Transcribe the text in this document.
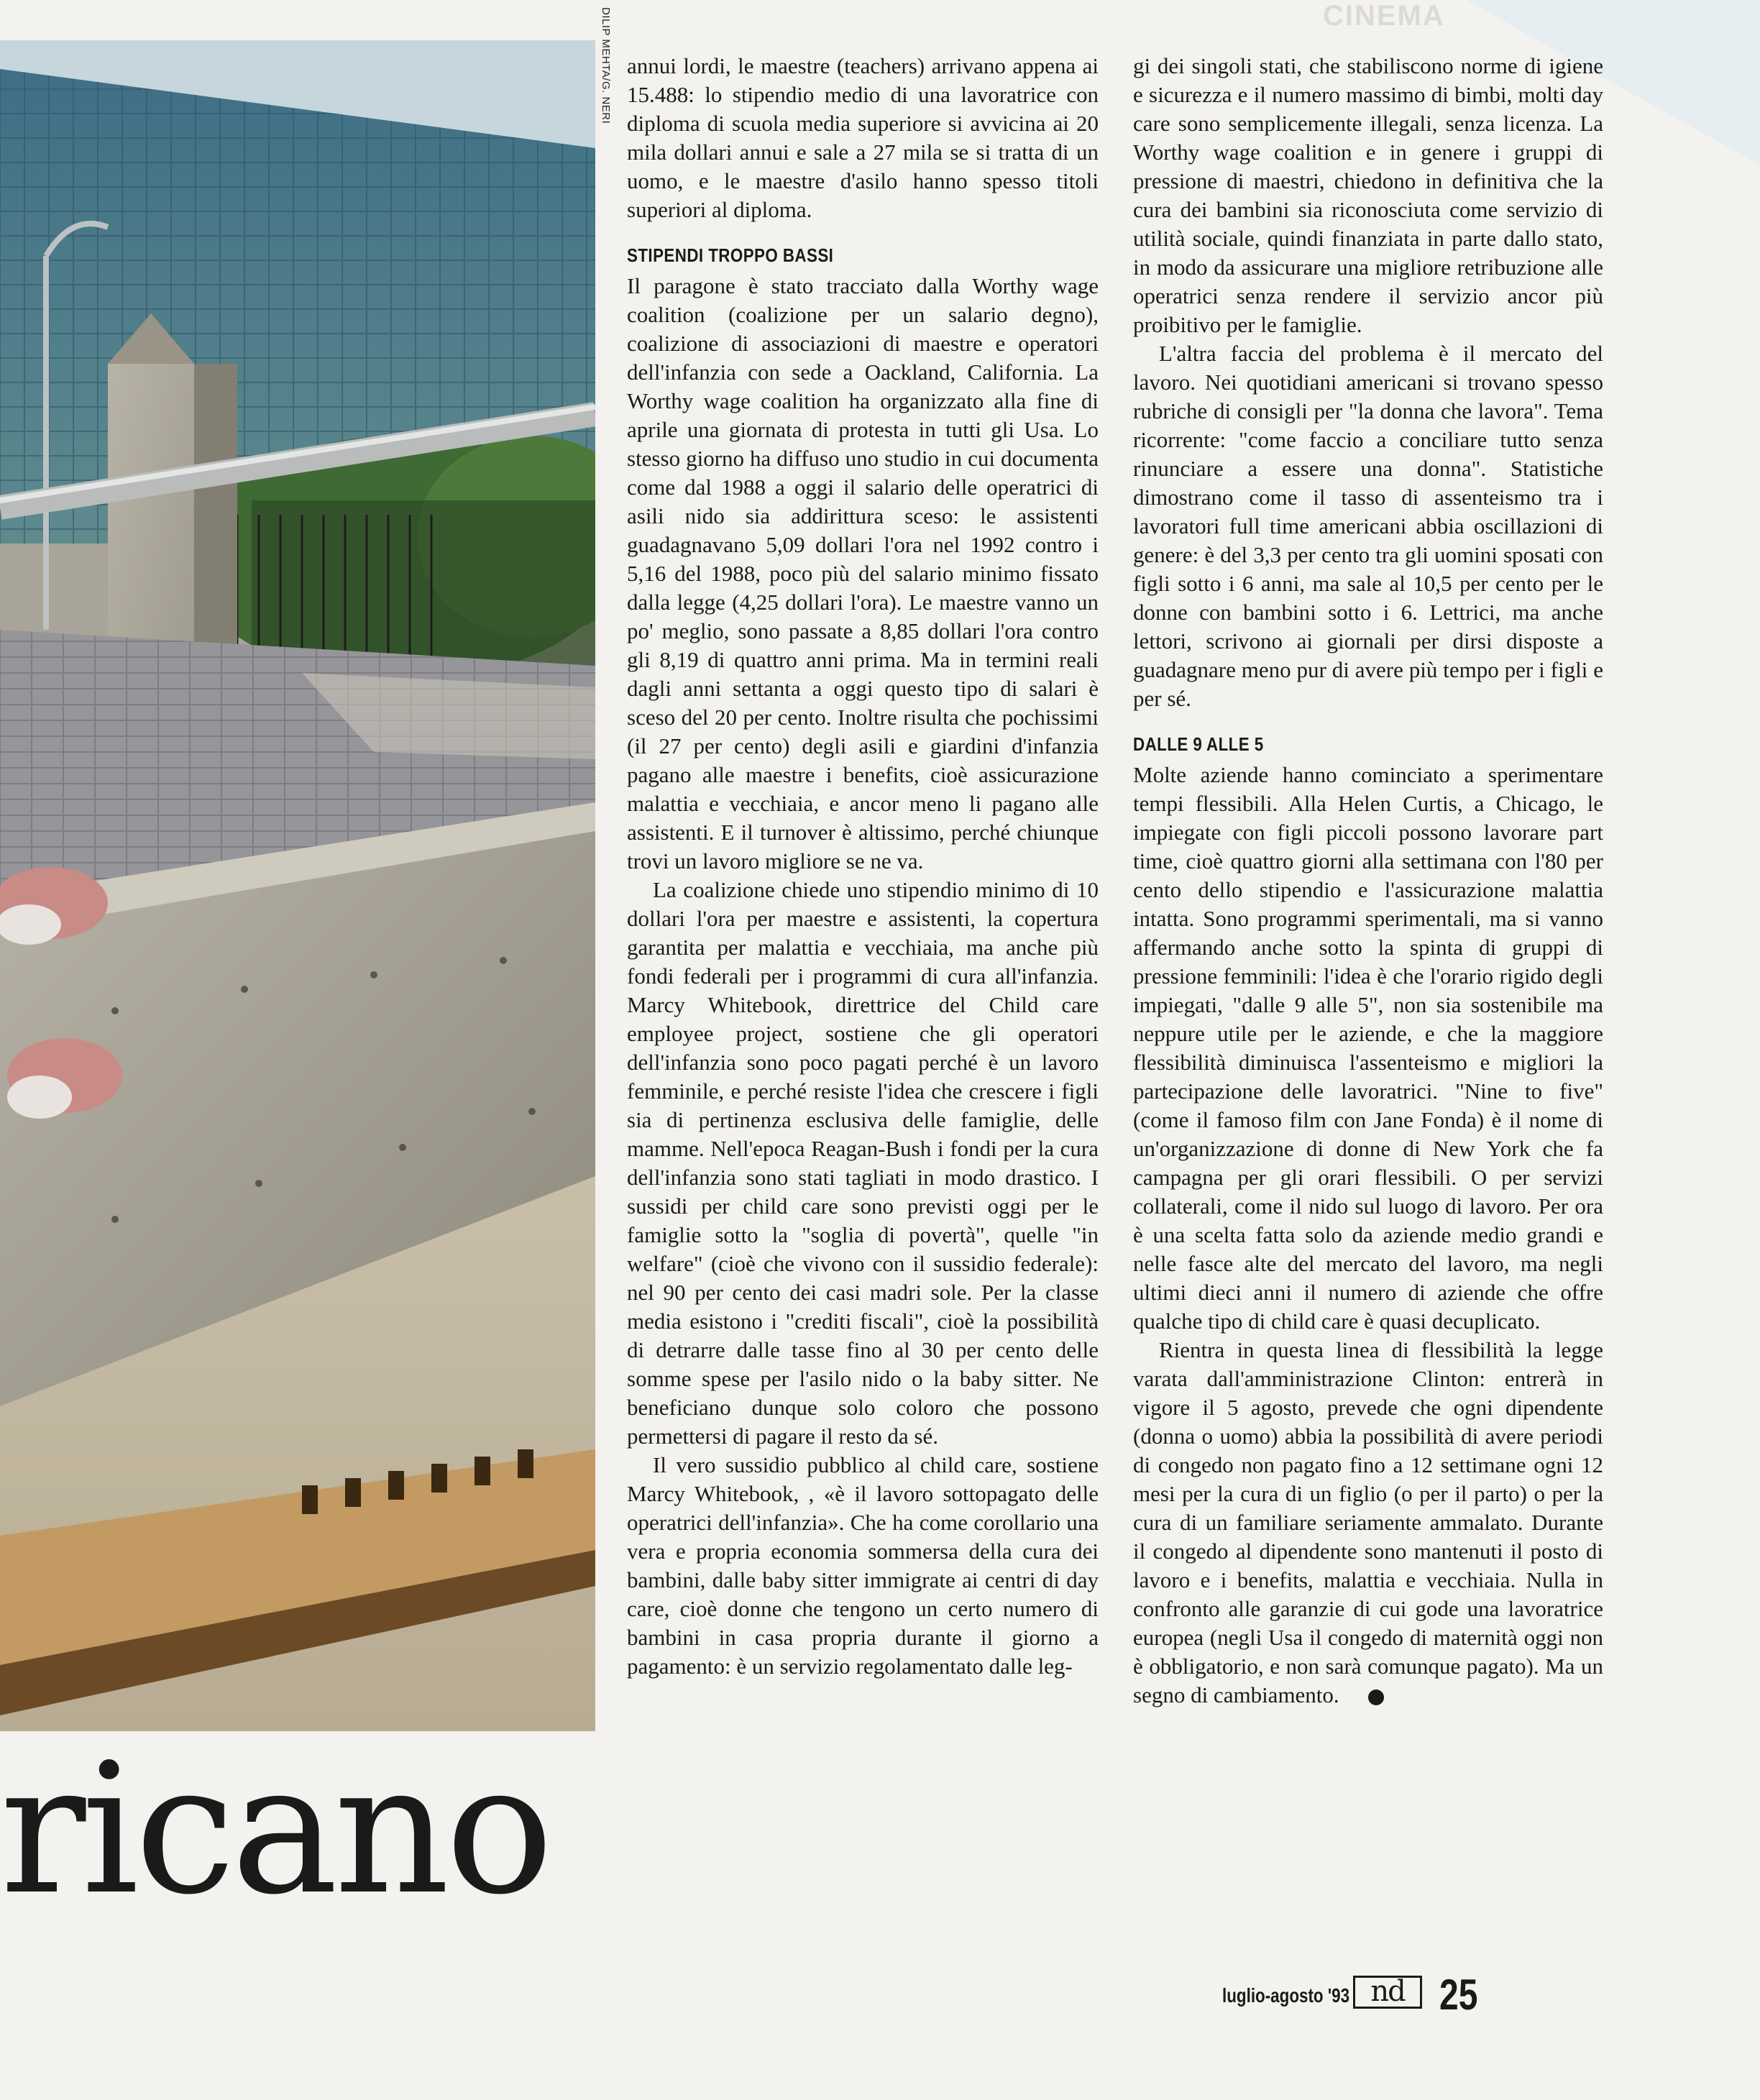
DILIP MEHTA/G. NERI
ricano
CINEMA

annui lordi, le maestre (teachers) arrivano appena ai 15.488: lo stipendio medio di una lavoratrice con diploma di scuola media superiore si avvicina ai 20 mila dollari annui e sale a 27 mila se si tratta di un uomo, e le maestre d'asilo hanno spesso titoli superiori al diploma.

STIPENDI TROPPO BASSI

Il paragone è stato tracciato dalla Worthy wage coalition (coalizione per un salario degno), coalizione di associazioni di maestre e operatori dell'infanzia con sede a Oackland, California. La Worthy wage coalition ha organizzato alla fine di aprile una giornata di protesta in tutti gli Usa. Lo stesso giorno ha diffuso uno studio in cui documenta come dal 1988 a oggi il salario delle operatrici di asili nido sia addirittura sceso: le assistenti guadagnavano 5,09 dollari l'ora nel 1992 contro i 5,16 del 1988, poco più del salario minimo fissato dalla legge (4,25 dollari l'ora). Le maestre vanno un po' meglio, sono passate a 8,85 dollari l'ora contro gli 8,19 di quattro anni prima. Ma in termini reali dagli anni settanta a oggi questo tipo di salari è sceso del 20 per cento. Inoltre risulta che pochissimi (il 27 per cento) degli asili e giardini d'infanzia pagano alle maestre i benefits, cioè assicurazione malattia e vecchiaia, e ancor meno li pagano alle assistenti. E il turnover è altissimo, perché chiunque trovi un lavoro migliore se ne va.

La coalizione chiede uno stipendio minimo di 10 dollari l'ora per maestre e assistenti, la copertura garantita per malattia e vecchiaia, ma anche più fondi federali per i programmi di cura all'infanzia. Marcy Whitebook, direttrice del Child care employee project, sostiene che gli operatori dell'infanzia sono poco pagati perché è un lavoro femminile, e perché resiste l'idea che crescere i figli sia di pertinenza esclusiva delle famiglie, delle mamme. Nell'epoca Reagan-Bush i fondi per la cura dell'infanzia sono stati tagliati in modo drastico. I sussidi per child care sono previsti oggi per le famiglie sotto la "soglia di povertà", quelle "in welfare" (cioè che vivono con il sussidio federale): nel 90 per cento dei casi madri sole. Per la classe media esistono i "crediti fiscali", cioè la possibilità di detrarre dalle tasse fino al 30 per cento delle somme spese per l'asilo nido o la baby sitter. Ne beneficiano dunque solo coloro che possono permettersi di pagare il resto da sé.

Il vero sussidio pubblico al child care, sostiene Marcy Whitebook, , «è il lavoro sottopagato delle operatrici dell'infanzia». Che ha come corollario una vera e propria economia sommersa della cura dei bambini, dalle baby sitter immigrate ai centri di day care, cioè donne che tengono un certo numero di bambini in casa propria durante il giorno a pagamento: è un servizio regolamentato dalle leg-

gi dei singoli stati, che stabiliscono norme di igiene e sicurezza e il numero massimo di bimbi, molti day care sono semplicemente illegali, senza licenza. La Worthy wage coalition e in genere i gruppi di pressione di maestri, chiedono in definitiva che la cura dei bambini sia riconosciuta come servizio di utilità sociale, quindi finanziata in parte dallo stato, in modo da assicurare una migliore retribuzione alle operatrici senza rendere il servizio ancor più proibitivo per le famiglie.

L'altra faccia del problema è il mercato del lavoro. Nei quotidiani americani si trovano spesso rubriche di consigli per "la donna che lavora". Tema ricorrente: "come faccio a conciliare tutto senza rinunciare a essere una donna". Statistiche dimostrano come il tasso di assenteismo tra i lavoratori full time americani abbia oscillazioni di genere: è del 3,3 per cento tra gli uomini sposati con figli sotto i 6 anni, ma sale al 10,5 per cento per le donne con bambini sotto i 6. Lettrici, ma anche lettori, scrivono ai giornali per dirsi disposte a guadagnare meno pur di avere più tempo per i figli e per sé.

DALLE 9 ALLE 5

Molte aziende hanno cominciato a sperimentare tempi flessibili. Alla Helen Curtis, a Chicago, le impiegate con figli piccoli possono lavorare part time, cioè quattro giorni alla settimana con l'80 per cento dello stipendio e l'assicurazione malattia intatta. Sono programmi sperimentali, ma si vanno affermando anche sotto la spinta di gruppi di pressione femminili: l'idea è che l'orario rigido degli impiegati, "dalle 9 alle 5", non sia sostenibile ma neppure utile per le aziende, e che la maggiore flessibilità diminuisca l'assenteismo e migliori la partecipazione delle lavoratrici. "Nine to five" (come il famoso film con Jane Fonda) è il nome di un'organizzazione di donne di New York che fa campagna per gli orari flessibili. O per servizi collaterali, come il nido sul luogo di lavoro. Per ora è una scelta fatta solo da aziende medio grandi e nelle fasce alte del mercato del lavoro, ma negli ultimi dieci anni il numero di aziende che offre qualche tipo di child care è quasi decuplicato.

Rientra in questa linea di flessibilità la legge varata dall'amministrazione Clinton: entrerà in vigore il 5 agosto, prevede che ogni dipendente (donna o uomo) abbia la possibilità di avere periodi di congedo non pagato fino a 12 settimane ogni 12 mesi per la cura di un figlio (o per il parto) o per la cura di un familiare seriamente ammalato. Durante il congedo al dipendente sono mantenuti il posto di lavoro e i benefits, malattia e vecchiaia. Nulla in confronto alle garanzie di cui gode una lavoratrice europea (negli Usa il congedo di maternità oggi non è obbligatorio, e non sarà comunque pagato). Ma un segno di cambiamento.

luglio-agosto '93 nd 25
